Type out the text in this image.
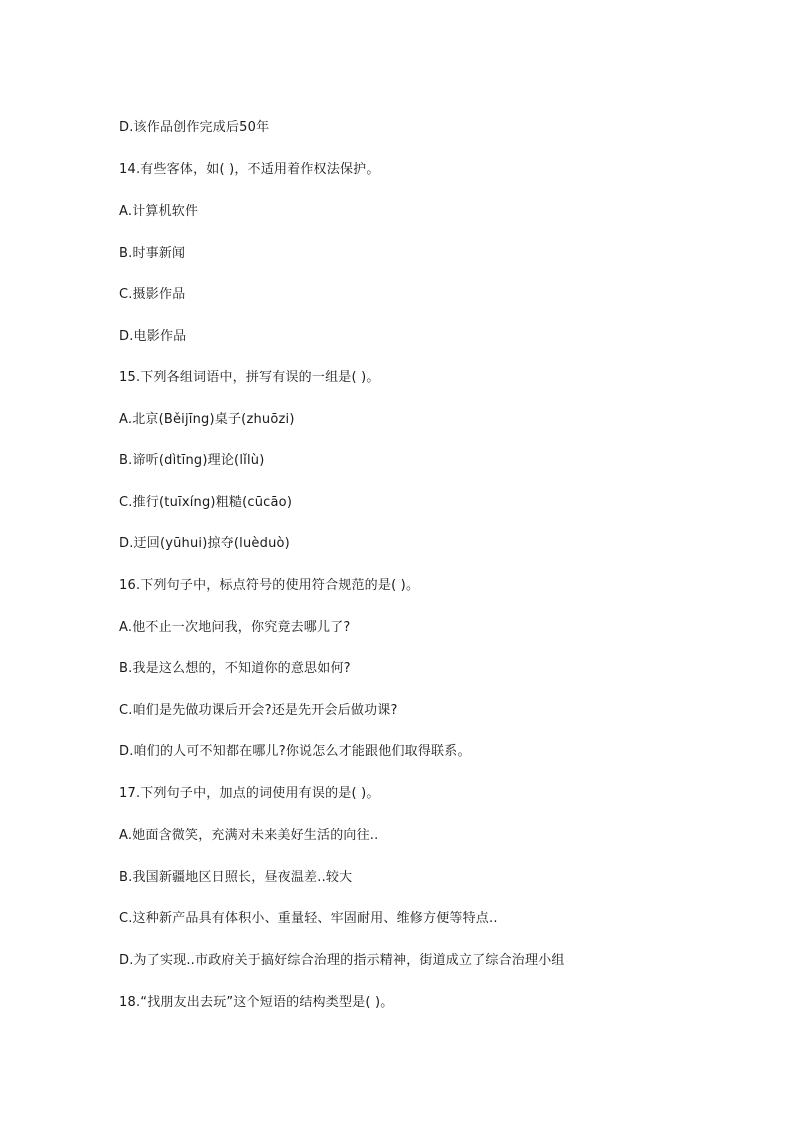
D.该作品创作完成后50年
14.有些客体，如( )，不适用着作权法保护。
A.计算机软件
B.时事新闻
C.摄影作品
D.电影作品
15.下列各组词语中，拼写有误的一组是( )。
A.北京(Běijīng)桌子(zhuōzi)
B.谛听(dìtīng)理论(lǐlù)
C.推行(tuīxíng)粗糙(cūcāo)
D.迂回(yūhui)掠夺(luèduò)
16.下列句子中，标点符号的使用符合规范的是( )。
A.他不止一次地问我，你究竟去哪儿了?
B.我是这么想的，不知道你的意思如何?
C.咱们是先做功课后开会?还是先开会后做功课?
D.咱们的人可不知都在哪儿?你说怎么才能跟他们取得联系。
17.下列句子中，加点的词使用有误的是( )。
A.她面含微笑，充满对未来美好生活的向往..
B.我国新疆地区日照长，昼夜温差..较大
C.这种新产品具有体积小、重量轻、牢固耐用、维修方便等特点..
D.为了实现..市政府关于搞好综合治理的指示精神，街道成立了综合治理小组
18.“找朋友出去玩”这个短语的结构类型是( )。
